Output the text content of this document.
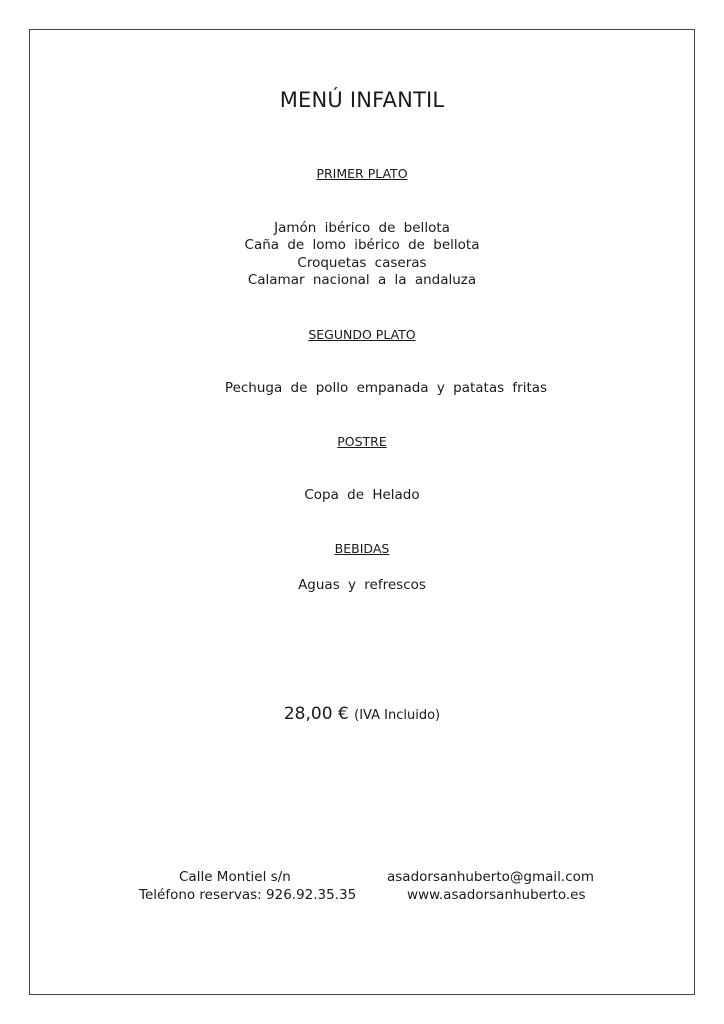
MENÚ INFANTIL
PRIMER PLATO
Jamón ibérico de bellota
Caña de lomo ibérico de bellota
Croquetas caseras
Calamar nacional a la andaluza
SEGUNDO PLATO
Pechuga de pollo empanada y patatas fritas
POSTRE
Copa de Helado
BEBIDAS
Aguas y refrescos
28,00 € (IVA Incluido)
Calle Montiel s/n
Teléfono reservas: 926.92.35.35
asadorsanhuberto@gmail.com
www.asadorsanhuberto.es
